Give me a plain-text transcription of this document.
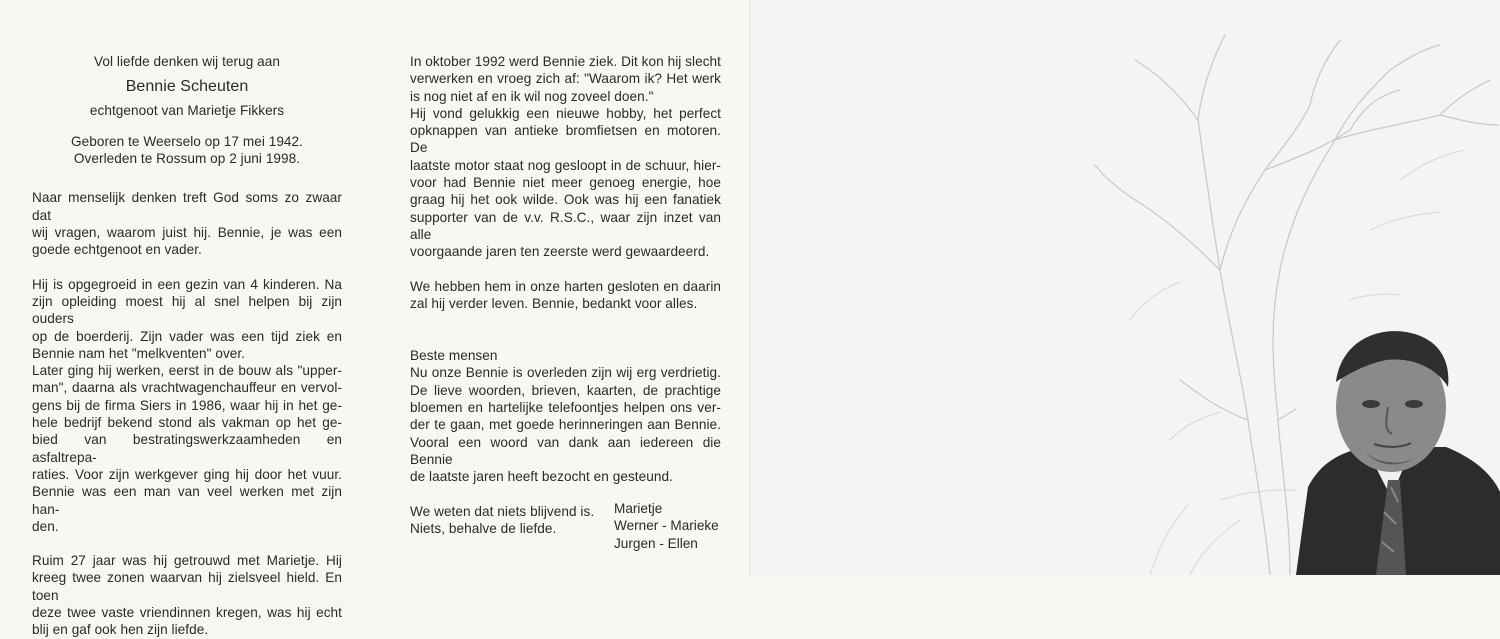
Vol liefde denken wij terug aan
Bennie Scheuten
echtgenoot van Marietje Fikkers
Geboren te Weerselo op 17 mei 1942.
Overleden te Rossum op 2 juni 1998.
Naar menselijk denken treft God soms zo zwaar dat
wij vragen, waarom juist hij. Bennie, je was een
goede echtgenoot en vader.
Hij is opgegroeid in een gezin van 4 kinderen. Na
zijn opleiding moest hij al snel helpen bij zijn ouders
op de boerderij. Zijn vader was een tijd ziek en
Bennie nam het "melkventen" over.
Later ging hij werken, eerst in de bouw als "upper-
man", daarna als vrachtwagenchauffeur en vervol-
gens bij de firma Siers in 1986, waar hij in het ge-
hele bedrijf bekend stond als vakman op het ge-
bied van bestratingswerkzaamheden en asfaltrepa-
raties. Voor zijn werkgever ging hij door het vuur.
Bennie was een man van veel werken met zijn han-
den.
Ruim 27 jaar was hij getrouwd met Marietje. Hij
kreeg twee zonen waarvan hij zielsveel hield. En toen
deze twee vaste vriendinnen kregen, was hij echt
blij en gaf ook hen zijn liefde.
In oktober 1992 werd Bennie ziek. Dit kon hij slecht
verwerken en vroeg zich af: "Waarom ik? Het werk
is nog niet af en ik wil nog zoveel doen."
Hij vond gelukkig een nieuwe hobby, het perfect
opknappen van antieke bromfietsen en motoren. De
laatste motor staat nog gesloopt in de schuur, hier-
voor had Bennie niet meer genoeg energie, hoe
graag hij het ook wilde. Ook was hij een fanatiek
supporter van de v.v. R.S.C., waar zijn inzet van alle
voorgaande jaren ten zeerste werd gewaardeerd.
We hebben hem in onze harten gesloten en daarin
zal hij verder leven. Bennie, bedankt voor alles.
Beste mensen
Nu onze Bennie is overleden zijn wij erg verdrietig.
De lieve woorden, brieven, kaarten, de prachtige
bloemen en hartelijke telefoontjes helpen ons ver-
der te gaan, met goede herinneringen aan Bennie.
Vooral een woord van dank aan iedereen die Bennie
de laatste jaren heeft bezocht en gesteund.
We weten dat niets blijvend is.
Niets, behalve de liefde.
Marietje
Werner - Marieke
Jurgen - Ellen
